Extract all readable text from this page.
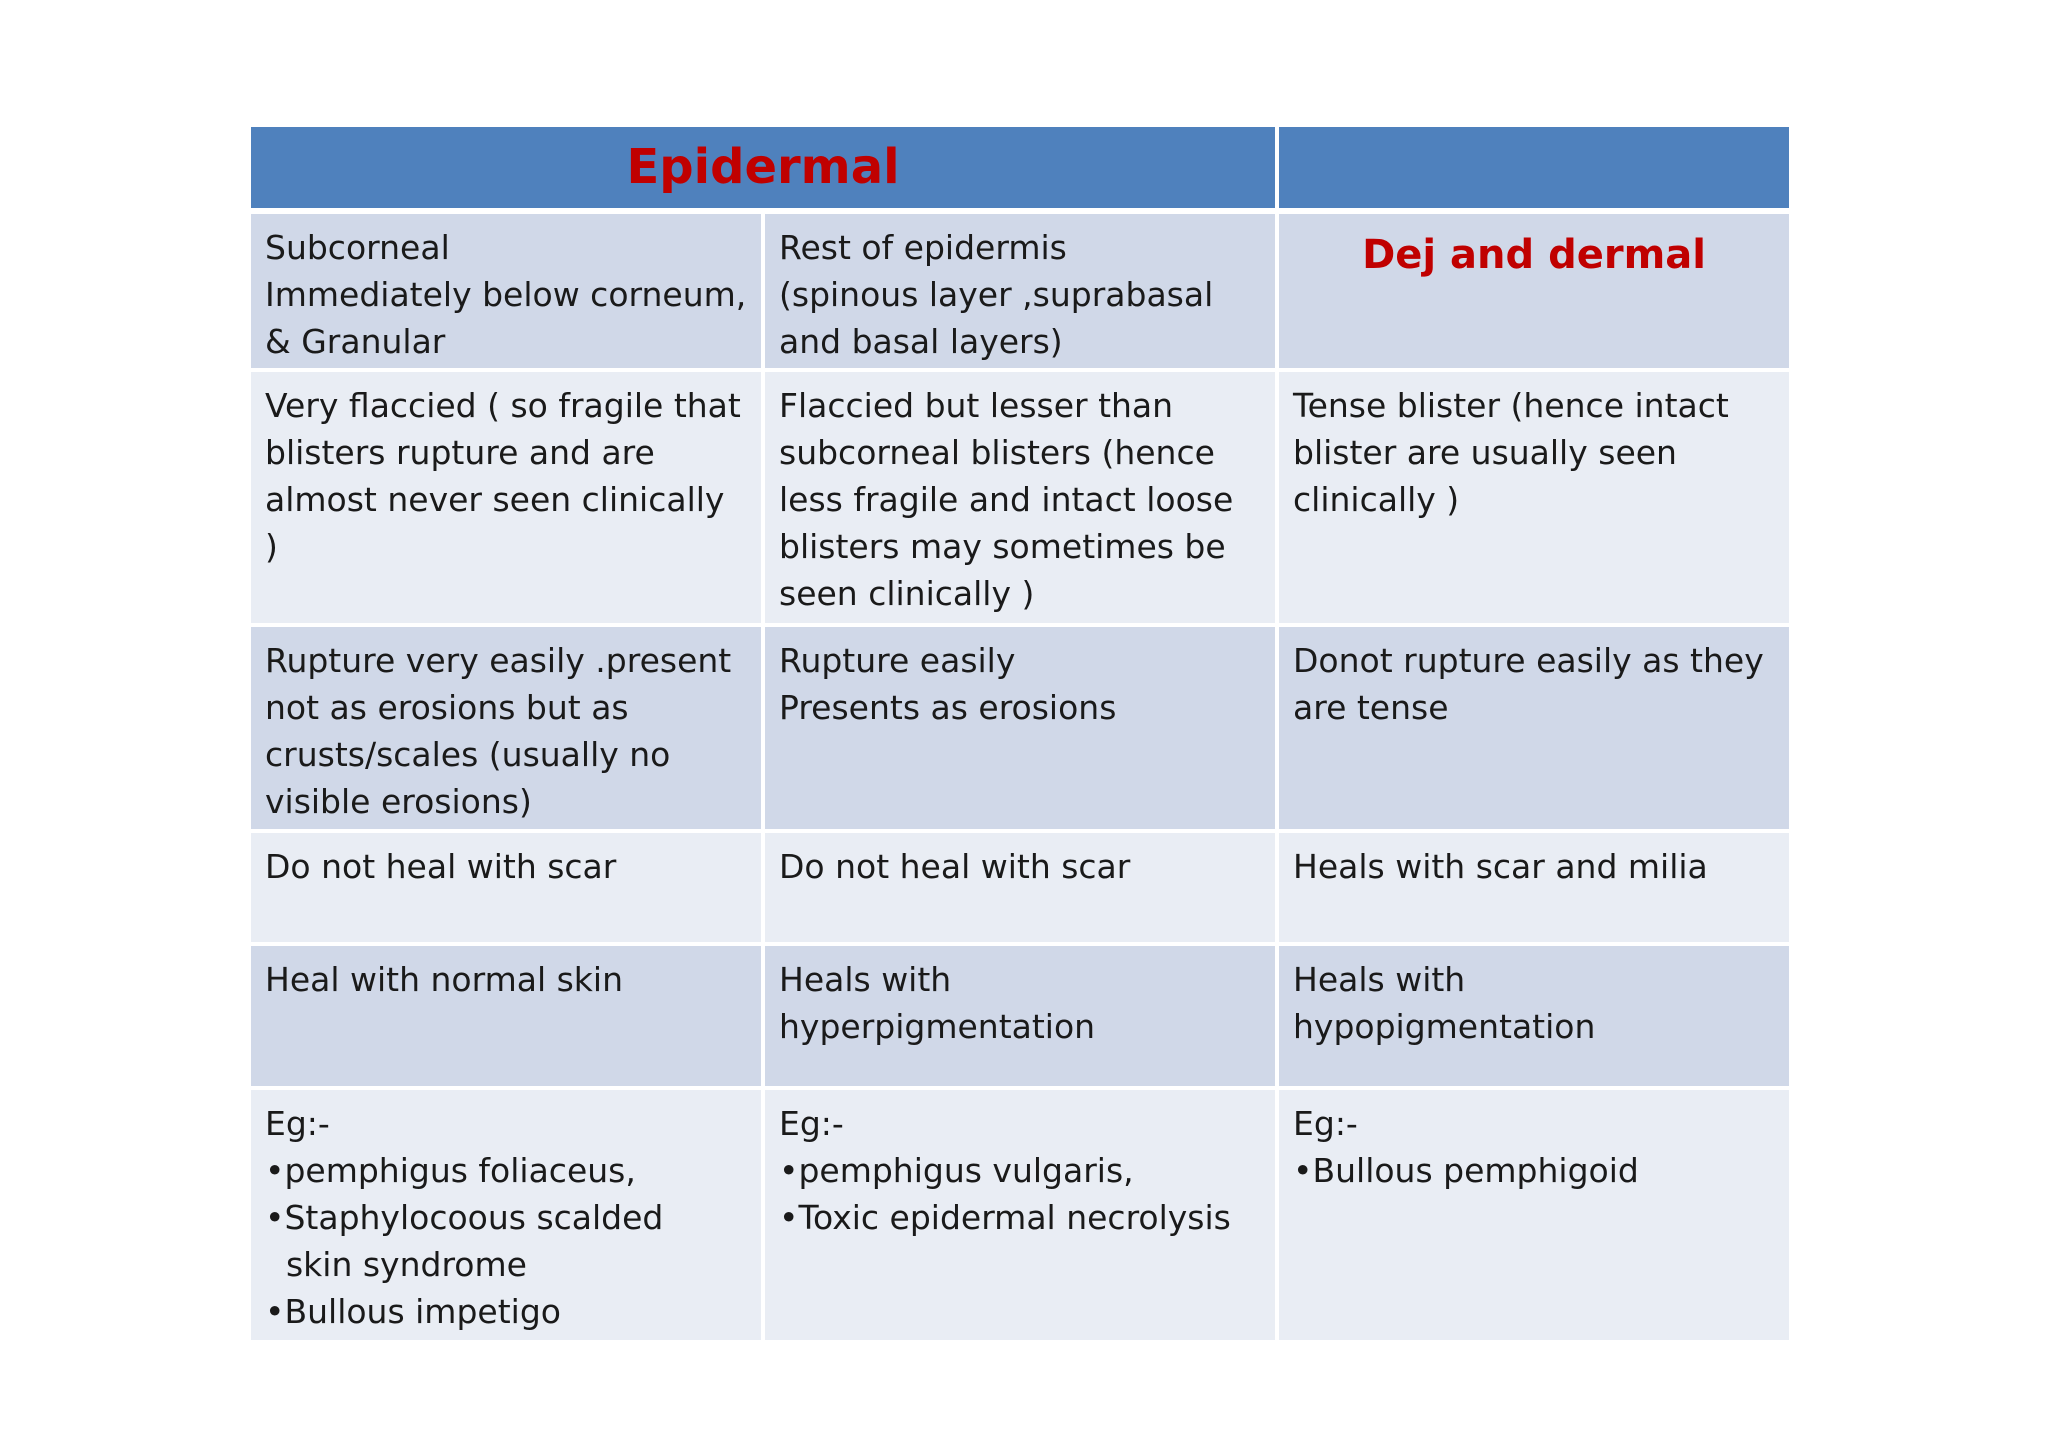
Epidermal		

Subcorneal
Immediately below corneum,
& Granular	Rest of epidermis
(spinous layer ,suprabasal
and basal layers)	Dej and dermal

Very flaccied ( so fragile that
blisters rupture and are
almost never seen clinically )	Flaccied but lesser than
subcorneal blisters (hence
less fragile and intact loose
blisters may sometimes be
seen clinically )	Tense blister (hence intact
blister are usually seen
clinically )

Rupture very easily .present
not as erosions but as
crusts/scales (usually no
visible erosions)	Rupture easily
Presents as erosions	Donot rupture easily as they
are tense

Do not heal with scar	Do not heal with scar	Heals with scar and milia

Heal with normal skin	Heals with
hyperpigmentation	Heals with hypopigmentation

Eg:-
•pemphigus foliaceus,
•Staphylocoous scalded
skin syndrome
•Bullous impetigo	Eg:-
•pemphigus vulgaris,
•Toxic epidermal necrolysis	Eg:-
•Bullous pemphigoid
